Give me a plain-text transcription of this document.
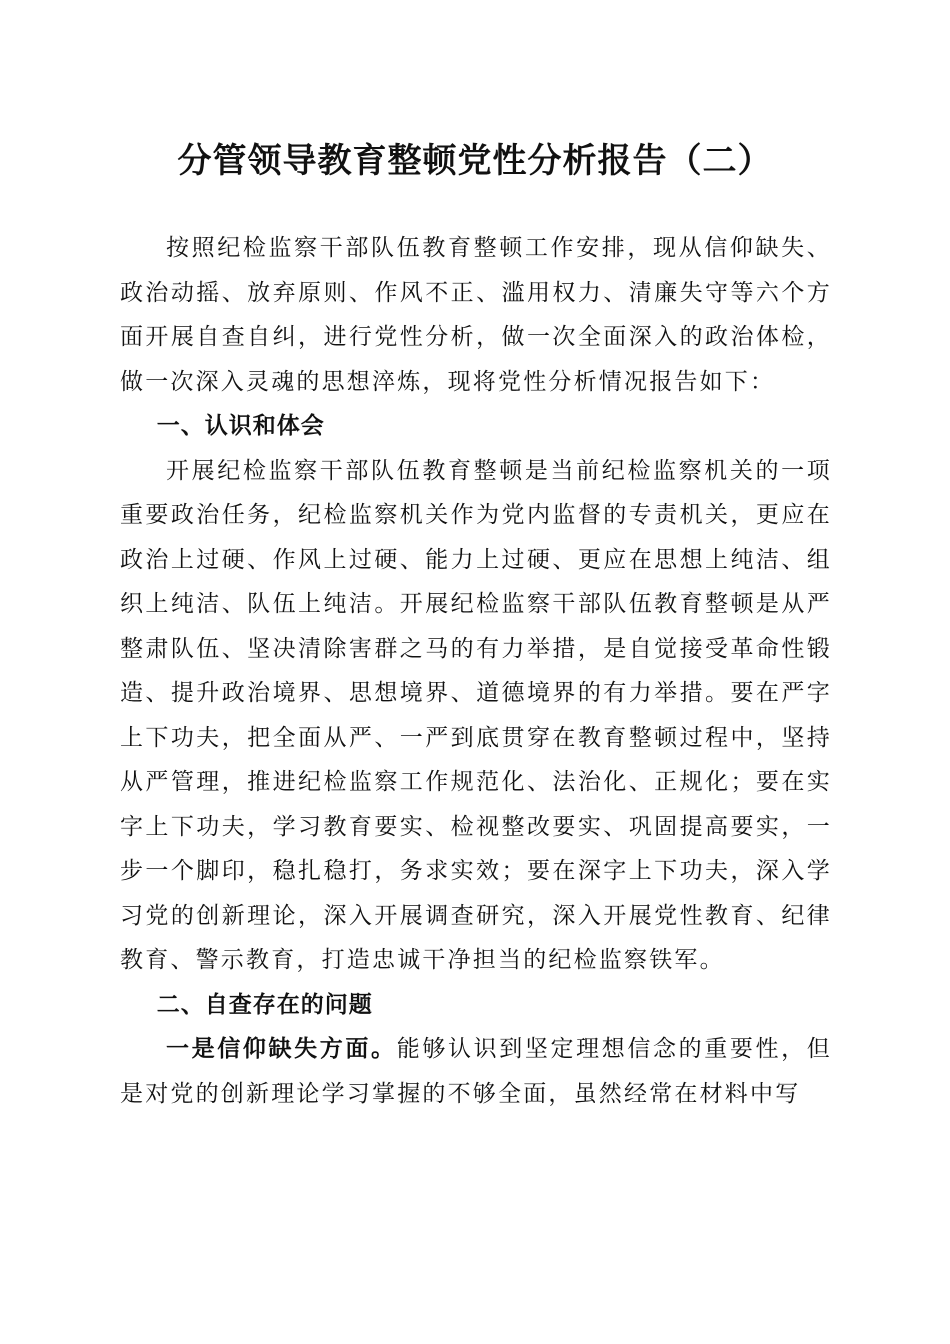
分管领导教育整顿党性分析报告（二）

按照纪检监察干部队伍教育整顿工作安排，现从信仰缺失、政治动摇、放弃原则、作风不正、滥用权力、清廉失守等六个方面开展自查自纠，进行党性分析，做一次全面深入的政治体检，做一次深入灵魂的思想淬炼，现将党性分析情况报告如下：

一、认识和体会

开展纪检监察干部队伍教育整顿是当前纪检监察机关的一项重要政治任务，纪检监察机关作为党内监督的专责机关，更应在政治上过硬、作风上过硬、能力上过硬、更应在思想上纯洁、组织上纯洁、队伍上纯洁。开展纪检监察干部队伍教育整顿是从严整肃队伍、坚决清除害群之马的有力举措，是自觉接受革命性锻造、提升政治境界、思想境界、道德境界的有力举措。要在严字上下功夫，把全面从严、一严到底贯穿在教育整顿过程中，坚持从严管理，推进纪检监察工作规范化、法治化、正规化；要在实字上下功夫，学习教育要实、检视整改要实、巩固提高要实，一步一个脚印，稳扎稳打，务求实效；要在深字上下功夫，深入学习党的创新理论，深入开展调查研究，深入开展党性教育、纪律教育、警示教育，打造忠诚干净担当的纪检监察铁军。

二、自查存在的问题

一是信仰缺失方面。能够认识到坚定理想信念的重要性，但是对党的创新理论学习掌握的不够全面，虽然经常在材料中写
